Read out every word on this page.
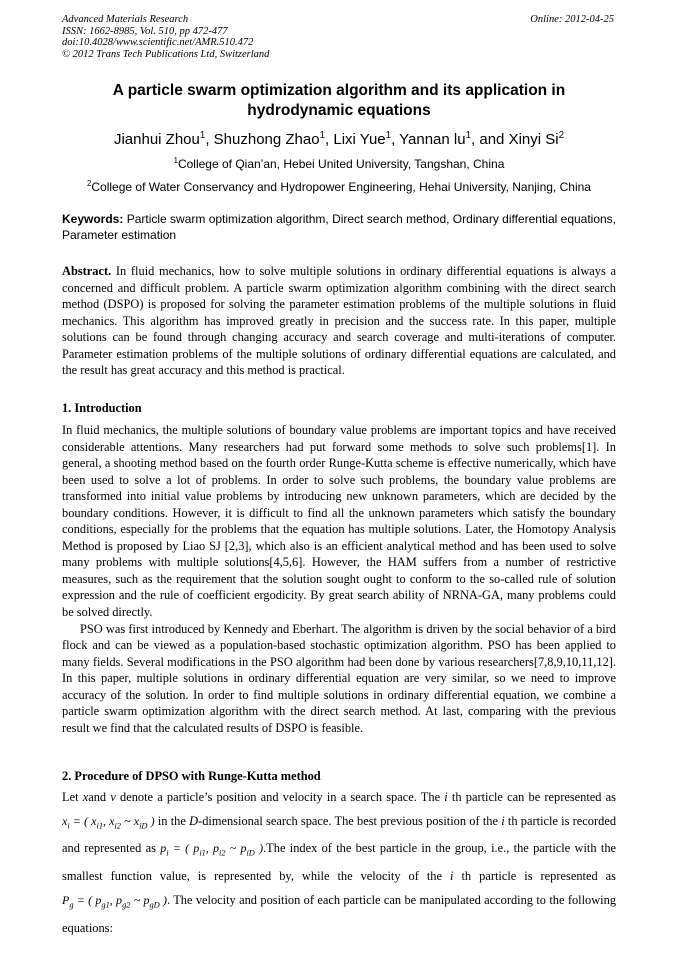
Advanced Materials Research
ISSN: 1662-8985, Vol. 510, pp 472-477
doi:10.4028/www.scientific.net/AMR.510.472
© 2012 Trans Tech Publications Ltd, Switzerland
Online: 2012-04-25
A particle swarm optimization algorithm and its application in
hydrodynamic equations
Jianhui Zhou$^1$, Shuzhong Zhao$^1$, Lixi Yue$^1$, Yannan $lu^1$, and Xinyi Si$^2$
$^1$College of Qian’an, Hebei United University, Tangshan, China
$^2$College of Water Conservancy and Hydropower Engineering, Hehai University, Nanjing, China
Keywords: Particle swarm optimization algorithm, Direct search method, Ordinary differential equations, Parameter estimation
Abstract. In fluid mechanics, how to solve multiple solutions in ordinary differential equations is always a concerned and difficult problem. A particle swarm optimization algorithm combining with the direct search method (DSPO) is proposed for solving the parameter estimation problems of the multiple solutions in fluid mechanics. This algorithm has improved greatly in precision and the success rate. In this paper, multiple solutions can be found through changing accuracy and search coverage and multi-iterations of computer. Parameter estimation problems of the multiple solutions of ordinary differential equations are calculated, and the result has great accuracy and this method is practical.
1. Introduction

In fluid mechanics, the multiple solutions of boundary value problems are important topics and have received considerable attentions. Many researchers had put forward some methods to solve such problems[1]. In general, a shooting method based on the fourth order Runge-Kutta scheme is effective numerically, which have been used to solve a lot of problems. In order to solve such problems, the boundary value problems are transformed into initial value problems by introducing new unknown parameters, which are decided by the boundary conditions. However, it is difficult to find all the unknown parameters which satisfy the boundary conditions, especially for the problems that the equation has multiple solutions. Later, the Homotopy Analysis Method is proposed by Liao SJ [2,3], which also is an efficient analytical method and has been used to solve many problems with multiple solutions[4,5,6]. However, the HAM suffers from a number of restrictive measures, such as the requirement that the solution sought ought to conform to the so-called rule of solution expression and the rule of coefficient ergodicity. By great search ability of NRNA-GA, many problems could be solved directly.

PSO was first introduced by Kennedy and Eberhart. The algorithm is driven by the social behavior of a bird flock and can be viewed as a population-based stochastic optimization algorithm. PSO has been applied to many fields. Several modifications in the PSO algorithm had been done by various researchers[7,8,9,10,11,12]. In this paper, multiple solutions in ordinary differential equation are very similar, so we need to improve accuracy of the solution. In order to find multiple solutions in ordinary differential equation, we combine a particle swarm optimization algorithm with the direct search method. At last, comparing with the previous result we find that the calculated results of DSPO is feasible.

2. Procedure of DPSO with Runge-Kutta method

Let xand v denote a particle’s position and velocity in a search space. The i th particle can be represented as $x_i$ = ( $x_{i1}$, $x_{i2}$ ~ $x_{iD}$ ) in the D-dimensional search space. The best previous position of the i th particle is recorded and represented as $p_i$ = ( $p_{i1}$, $p_{i2}$ ~ $p_{iD}$ ).The index of the best particle in the group, i.e., the particle with the smallest function value, is represented by, while the velocity of the i th particle is represented as $P_g$ = ( $p_{g1}$, $p_{g2}$ ~ $p_{gD}$ ). The velocity and position of each particle can be manipulated according to the following equations:
